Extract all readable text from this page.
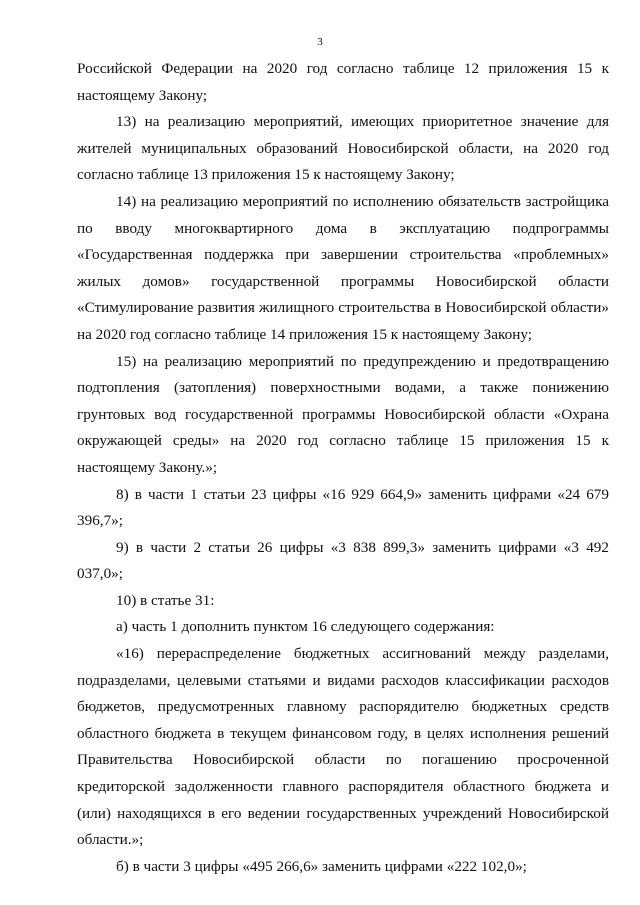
3

Российской Федерации на 2020 год согласно таблице 12 приложения 15 к настоящему Закону;

13) на реализацию мероприятий, имеющих приоритетное значение для жителей муниципальных образований Новосибирской области, на 2020 год согласно таблице 13 приложения 15 к настоящему Закону;

14) на реализацию мероприятий по исполнению обязательств застройщика по вводу многоквартирного дома в эксплуатацию подпрограммы «Государственная поддержка при завершении строительства «проблемных» жилых домов» государственной программы Новосибирской области «Стимулирование развития жилищного строительства в Новосибирской области» на 2020 год согласно таблице 14 приложения 15 к настоящему Закону;

15) на реализацию мероприятий по предупреждению и предотвращению подтопления (затопления) поверхностными водами, а также понижению грунтовых вод государственной программы Новосибирской области «Охрана окружающей среды» на 2020 год согласно таблице 15 приложения 15 к настоящему Закону.»;

8) в части 1 статьи 23 цифры «16 929 664,9» заменить цифрами «24 679 396,7»;

9) в части 2 статьи 26 цифры «3 838 899,3» заменить цифрами «3 492 037,0»;

10) в статье 31:

а) часть 1 дополнить пунктом 16 следующего содержания:

«16) перераспределение бюджетных ассигнований между разделами, подразделами, целевыми статьями и видами расходов классификации расходов бюджетов, предусмотренных главному распорядителю бюджетных средств областного бюджета в текущем финансовом году, в целях исполнения решений Правительства Новосибирской области по погашению просроченной кредиторской задолженности главного распорядителя областного бюджета и (или) находящихся в его ведении государственных учреждений Новосибирской области.»;

б) в части 3 цифры «495 266,6» заменить цифрами «222 102,0»;
